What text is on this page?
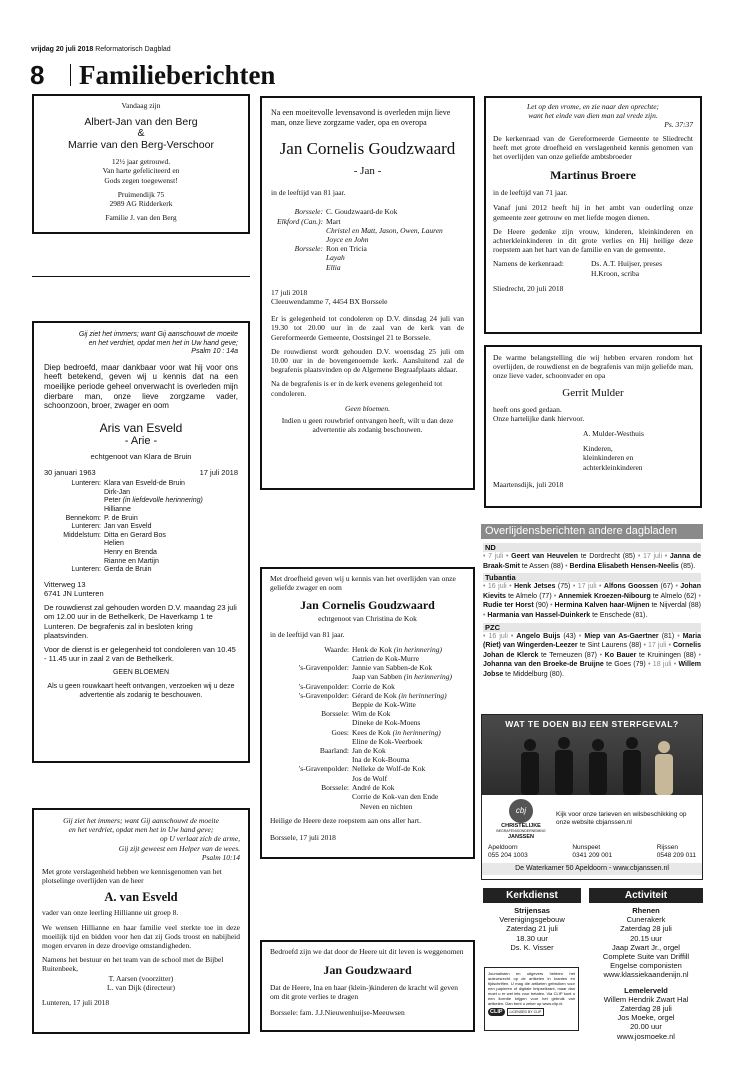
vrijdag 20 juli 2018 Reformatorisch Dagblad
8 Familieberichten
Vandaag zijn
Albert-Jan van den Berg
&
Marrie van den Berg-Verschoor
12½ jaar getrouwd.
Van harte gefeliciteerd en
Gods zegen toegewenst!
Pruimendijk 75
2989 AG Ridderkerk
Familie J. van den Berg
Gij ziet het immers; want Gij aanschouwt de moeite
en het verdriet, opdat men het in Uw hand geve;
Psalm 10 : 14a
Diep bedroefd, maar dankbaar voor wat hij voor ons heeft betekend, geven wij u kennis dat na een moeilijke periode geheel onverwacht is overleden mijn dierbare man, onze lieve zorgzame vader, schoonzoon, broer, zwager en oom
Aris van Esveld
- Arie -
echtgenoot van Klara de Bruin
30 januari 1963	17 juli 2018
Lunteren: Klara van Esveld-de Bruin
Dirk-Jan
Peter (in liefdevolle herinnering)
Hillianne
Bennekom: P. de Bruin
Lunteren: Jan van Esveld
Middelstum: Ditta en Gerard Bos
Helien
Henry en Brenda
Rianne en Martijn
Lunteren: Gerda de Bruin
Vitterweg 13
6741 JN Lunteren
De rouwdienst zal gehouden worden D.V. maandag 23 juli om 12.00 uur in de Bethelkerk, De Haverkamp 1 te Lunteren. De begrafenis zal in besloten kring plaatsvinden.
Voor de dienst is er gelegenheid tot condoleren van 10.45 - 11.45 uur in zaal 2 van de Bethelkerk.
GEEN BLOEMEN
Als u geen rouwkaart heeft ontvangen, verzoeken wij u deze advertentie als zodanig te beschouwen.
Gij ziet het immers; want Gij aanschouwt de moeite
en het verdriet, opdat men het in Uw hand geve;
op U verlaat zich de arme,
Gij zijt geweest een Helper van de wees.
Psalm 10:14
Met grote verslagenheid hebben we kennisgenomen van het plotselinge overlijden van de heer
A. van Esveld
vader van onze leerling Hillianne uit groep 8.
We wensen Hillianne en haar familie veel sterkte toe in deze moeilijk tijd en bidden voor hen dat zij Gods troost en nabijheid mogen ervaren in deze droevige omstandigheden.
Namens het bestuur en het team van de school met de Bijbel Ruitenbeek,
T. Aarsen (voorzitter)
L. van Dijk (directeur)
Lunteren, 17 juli 2018
Na een moeitevolle levensavond is overleden mijn lieve man, onze lieve zorgzame vader, opa en overopa
Jan Cornelis Goudzwaard
- Jan -
in de leeftijd van 81 jaar.
Borssele: C. Goudzwaard-de Kok
Elkford (Can.): Mart
Christel en Matt, Jason, Owen, Lauren
Joyce en John
Borssele: Ron en Tricia
Layah
Ellia
17 juli 2018
Cleeuwendamme 7, 4454 BX Borssele
Er is gelegenheid tot condoleren op D.V. dinsdag 24 juli van 19.30 tot 20.00 uur in de zaal van de kerk van de Gereformeerde Gemeente, Oostsingel 21 te Borssele.
De rouwdienst wordt gehouden D.V. woensdag 25 juli om 10.00 uur in de bovengenoemde kerk. Aansluitend zal de begrafenis plaatsvinden op de Algemene Begraafplaats aldaar.
Na de begrafenis is er in de kerk evenens gelegenheid tot condoleren.
Geen bloemen.
Indien u geen rouwbrief ontvangen heeft, wilt u dan deze advertentie als zodanig beschouwen.
Met droefheid geven wij u kennis van het overlijden van onze geliefde zwager en oom
Jan Cornelis Goudzwaard
echtgenoot van Christina de Kok
in de leeftijd van 81 jaar.
Waarde: Henk de Kok (in herinnering)
Catrien de Kok-Murre
's-Gravenpolder: Jannie van Sabben-de Kok
Jaap van Sabben (in herinnering)
's-Gravenpolder: Corrie de Kok
's-Gravenpolder: Gérard de Kok (in herinnering)
Beppie de Kok-Witte
Borssele: Wim de Kok
Dineke de Kok-Moens
Goes: Kees de Kok (in herinnering)
Eline de Kok-Veerboek
Baarland: Jan de Kok
Ina de Kok-Bouma
's-Gravenpolder: Nelleke de Wolf-de Kok
Jos de Wolf
Borssele: André de Kok
Corrie de Kok-van den Ende
Neven en nichten
Heilige de Heere deze roepstem aan ons aller hart.
Borssele, 17 juli 2018
Bedroefd zijn we dat door de Heere uit dit leven is weggenomen
Jan Goudzwaard
Dat de Heere, Ina en haar (klein-)kinderen de kracht wil geven om dit grote verlies te dragen
Borssele: fam. J.J.Nieuwenhuijse-Meeuwsen
Let op den vrome, en zie naar den oprechte;
want het einde van dien man zal vrede zijn.
Ps. 37:37
De kerkenraad van de Gereformeerde Gemeente te Sliedrecht heeft met grote droefheid en verslagenheid kennis genomen van het overlijden van onze geliefde ambtsbroeder
Martinus Broere
in de leeftijd van 71 jaar.
Vanaf juni 2012 heeft hij in het ambt van ouderling onze gemeente zeer getrouw en met liefde mogen dienen.
De Heere gedenke zijn vrouw, kinderen, kleinkinderen en achterkleinkinderen in dit grote verlies en Hij heilige deze roepstem aan het hart van de familie en van de gemeente.
Namens de kerkenraad:	Ds. A.T. Huijser, preses
H.Kroon, scriba
Sliedrecht, 20 juli 2018
De warme belangstelling die wij hebben ervaren rondom het overlijden, de rouwdienst en de begrafenis van mijn geliefde man, onze lieve vader, schoonvader en opa
Gerrit Mulder
heeft ons goed gedaan.
Onze hartelijke dank hiervoor.
A. Mulder-Westhuis
Kinderen,
kleinkinderen en
achterkleinkinderen
Maartensdijk, juli 2018
Overlijdensberichten andere dagbladen
ND
• 7 juli • Geert van Heuvelen te Dordrecht (85) • 17 juli • Janna de Braak-Smit te Assen (88) • Berdina Elisabeth Hensen-Neelis (85).
Tubantia
• 16 juli • Henk Jetses (75) • 17 juli • Alfons Goossen (67) • Johan Kievits te Almelo (77) • Annemiek Kroezen-Nibourg te Almelo (62) • Rudie ter Horst (90) • Hermina Kalven haar-Wijnen te Nijverdal (88) • Harmania van Hassel-Duinkerk te Enschede (81).
PZC
• 16 juli • Angelo Buijs (43) • Miep van As-Gaertner (81) • Maria (Riet) van Wingerden-Leezer te Sint Laurens (88) • 17 juli • Cornelis Johan de Klerck te Terneuzen (87) • Ko Bauer te Kruiningen (88) • Johanna van den Broeke-de Bruijne te Goes (79) • 18 juli • Willem Jobse te Middelburg (80).
WAT TE DOEN BIJ EEN STERFGEVAL?
cbj
CHRISTELIJKE
BEGRAFENISONDERNEMING
JANSSEN
Kijk voor onze tarieven en wilsbeschikking op onze website cbjanssen.nl
Apeldoorn
055 204 1003
Nunspeet
0341 209 001
Rijssen
0548 209 011
De Waterkamer 50 Apeldoorn - www.cbjanssen.nl
Kerkdienst
Strijensas
Verenigingsgebouw
Zaterdag 21 juli
18.30 uur
Ds. K. Visser
Journalisten en uitgevers hebben het auteursrecht op de artikelen in kranten en tijdschriften. U mag die artikelen gebruiken voor een papieren of digitale knipselkrant, maar dan moet u er wel iets voor betalen. Via CLIP kunt u een licentie krijgen voor het gebruik van artikelen. Dan bent u zeker op www.clip.nl.
CLIP	LICENSED BY CLIP
Activiteit
Rhenen
Cunerakerk
Zaterdag 28 juli
20.15 uur
Jaap Zwart Jr., orgel
Complete Suite van Driffill
Engelse componisten
www.klassiekaandenijn.nl
Lemelerveld
Willem Hendrik Zwart Hal
Zaterdag 28 juli
Jos Moeke, orgel
20.00 uur
www.josmoeke.nl
